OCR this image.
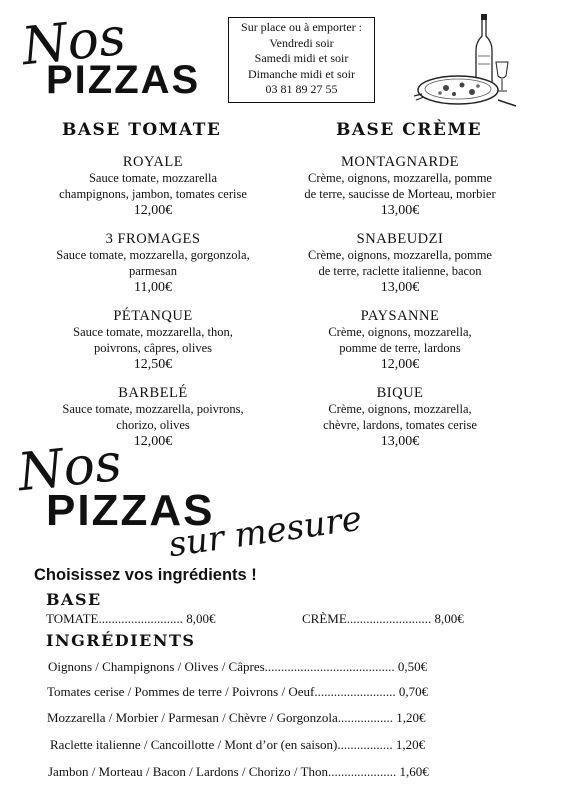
Nos
PIZZAS
Sur place ou à emporter :
Vendredi soir
Samedi midi et soir
Dimanche midi et soir
03 81 89 27 55
BASE TOMATE	BASE CRÈME
ROYALE
Sauce tomate, mozzarella
champignons, jambon, tomates cerise
12,00€
3 FROMAGES
Sauce tomate, mozzarella, gorgonzola,
parmesan
11,00€
PÉTANQUE
Sauce tomate, mozzarella, thon,
poivrons, câpres, olives
12,50€
BARBELÉ
Sauce tomate, mozzarella, poivrons,
chorizo, olives
12,00€
MONTAGNARDE
Crème, oignons, mozzarella, pomme
de terre, saucisse de Morteau, morbier
13,00€
SNABEUDZI
Crème, oignons, mozzarella, pomme
de terre, raclette italienne, bacon
13,00€
PAYSANNE
Crème, oignons, mozzarella,
pomme de terre, lardons
12,00€
BIQUE
Crème, oignons, mozzarella,
chèvre, lardons, tomates cerise
13,00€
Nos
PIZZAS
sur mesure
Choisissez vos ingrédients !
BASE
TOMATE.......................... 8,00€	CRÈME.......................... 8,00€
INGRÉDIENTS
Oignons / Champignons / Olives / Câpres........................................ 0,50€
Tomates cerise / Pommes de terre / Poivrons / Oeuf......................... 0,70€
Mozzarella / Morbier / Parmesan / Chèvre / Gorgonzola................. 1,20€
Raclette italienne / Cancoillotte / Mont d’or (en saison)................. 1,20€
Jambon / Morteau / Bacon / Lardons / Chorizo / Thon..................... 1,60€
